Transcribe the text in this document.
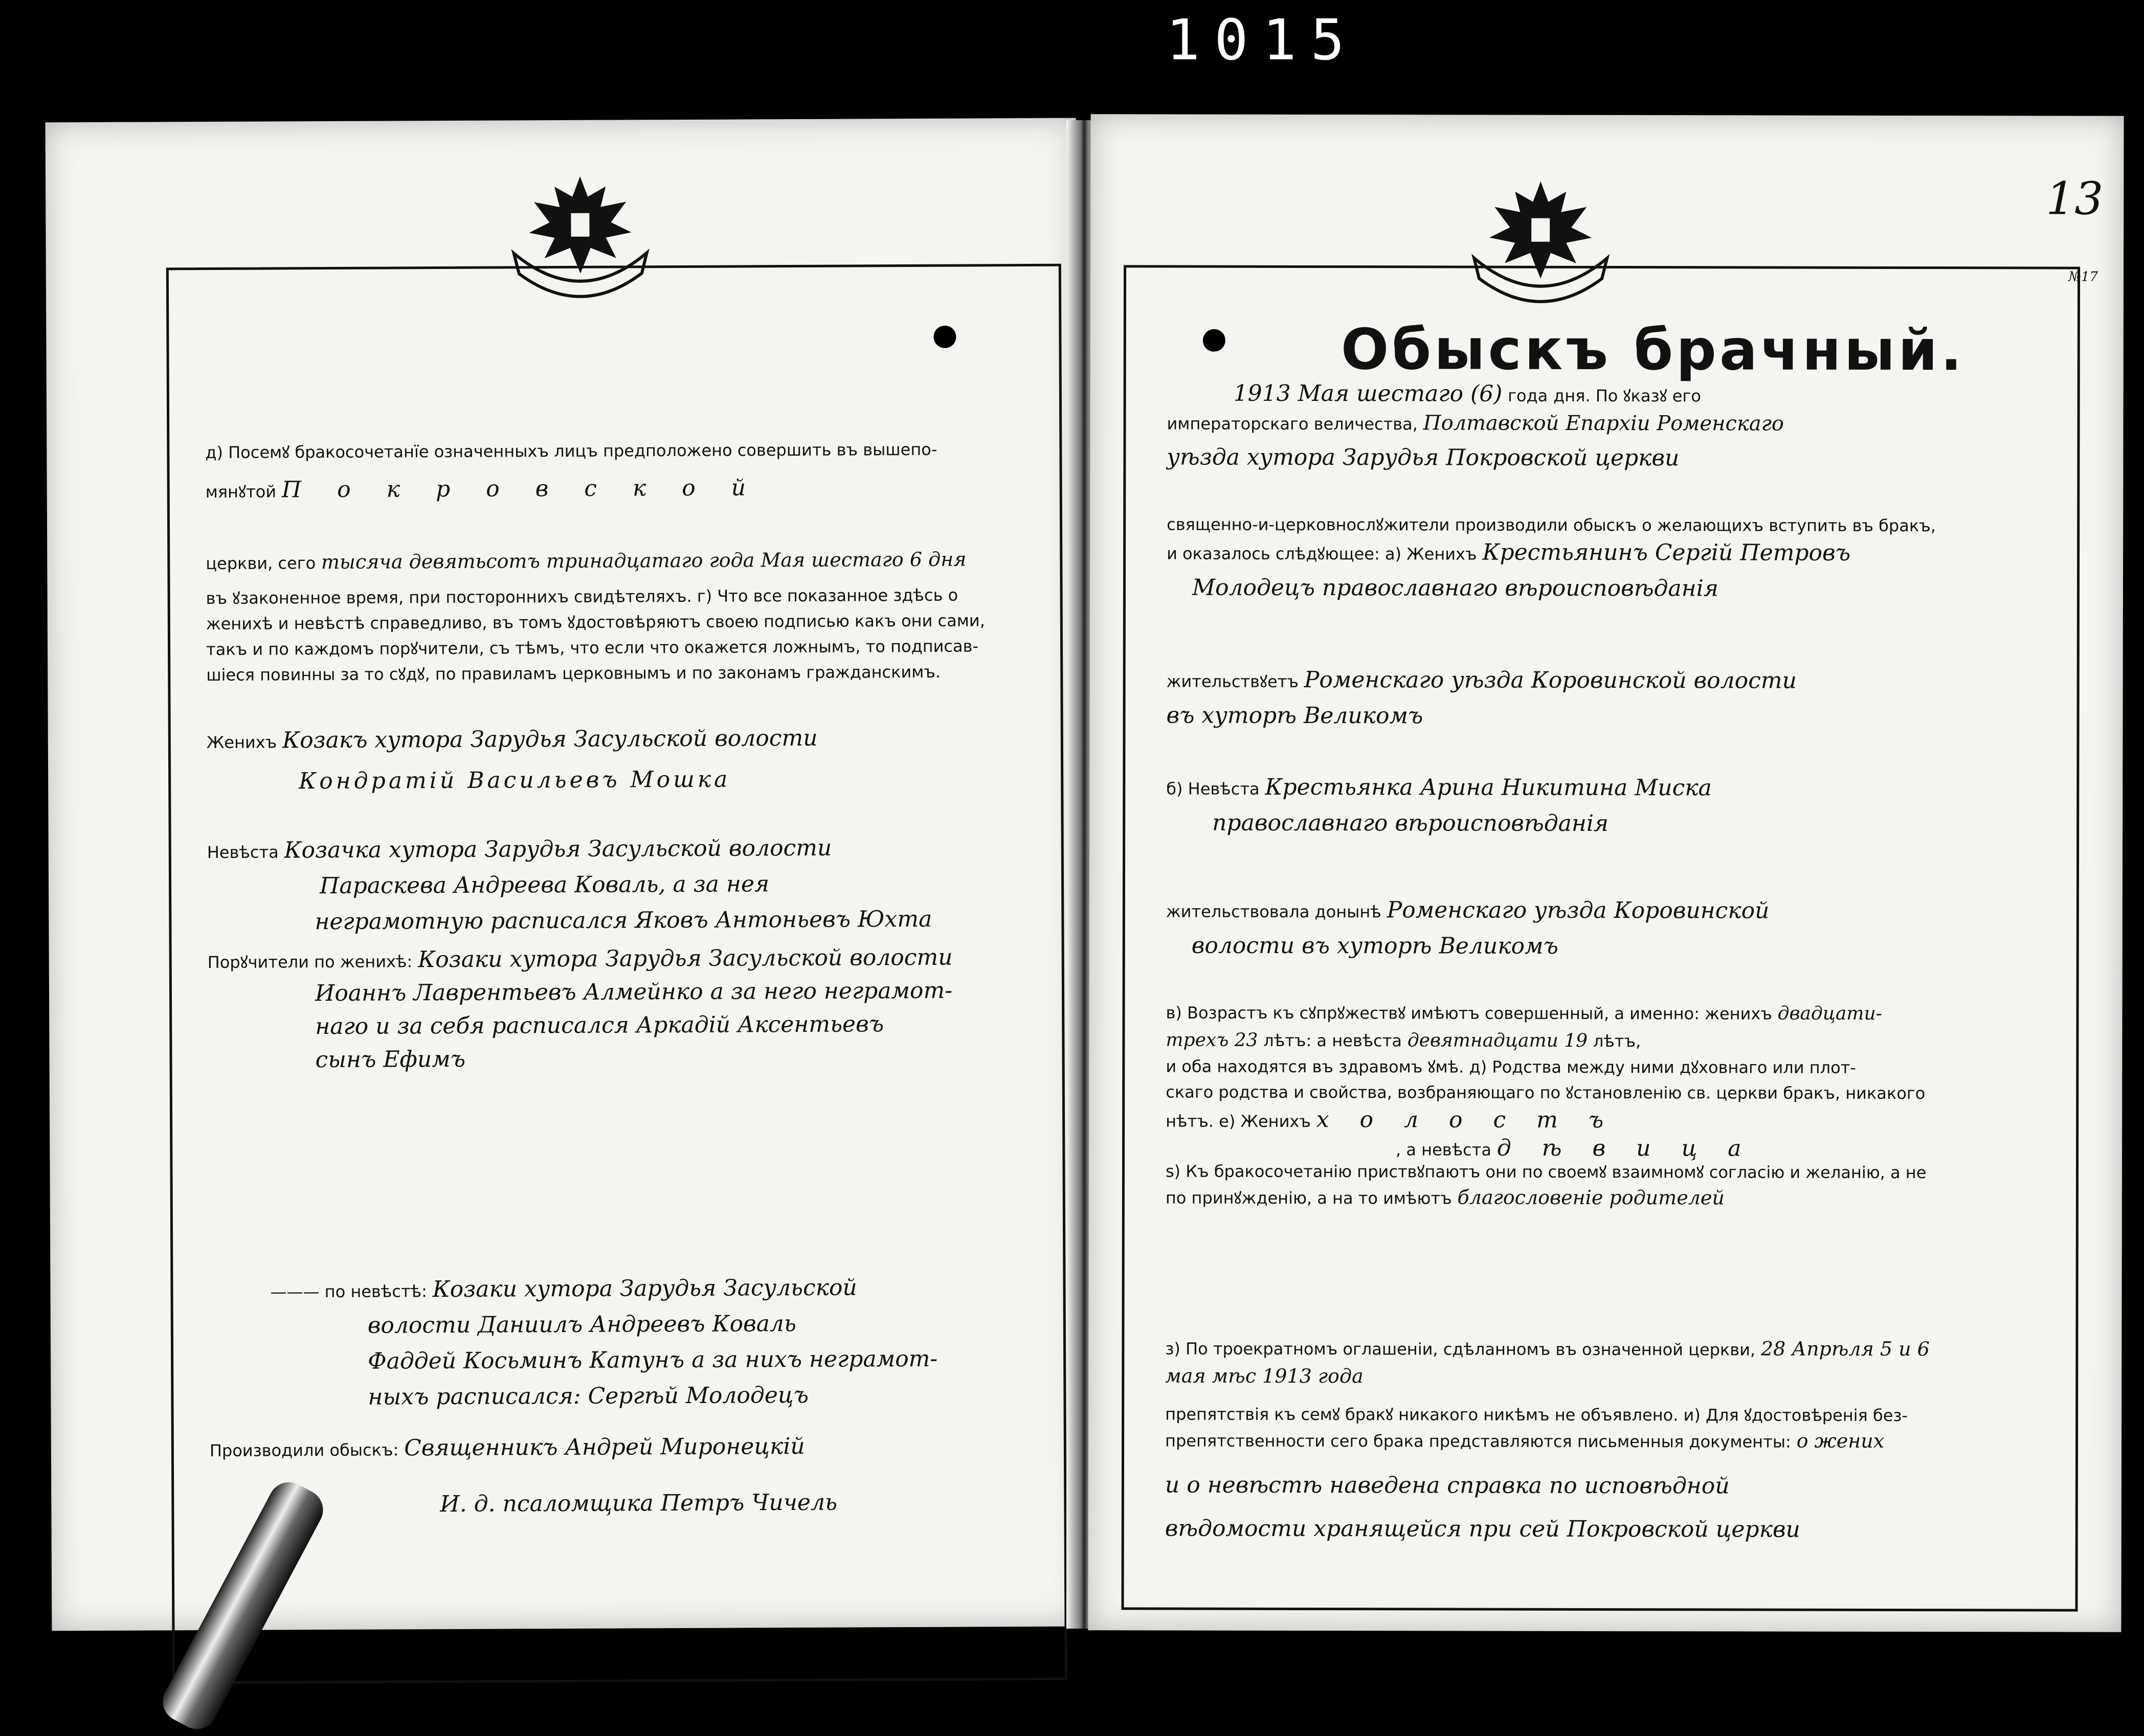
1015
д) Посемꙋ бракосочетанїе означенныхъ лицъ предположено совершить въ вышепо-
мянꙋтой Покровской
церкви, сего тысяча девятьсотъ тринадцатаго года Мая шестаго 6 дня
въ ꙋзаконенное время, при постороннихъ свидѣтеляхъ. г) Что все показанное здѣсь о
женихѣ и невѣстѣ справедливо, въ томъ ꙋдостовѣряютъ своею подписью какъ они сами,
такъ и по каждомъ порꙋчители, съ тѣмъ, что если что окажется ложнымъ, то подписав-
шiеся повинны за то сꙋдꙋ, по правиламъ церковнымъ и по законамъ гражданскимъ.
Женихъ Козакъ хутора Зарудья Засульской волости
Кондратій Васильевъ Мошка
Невѣста Козачка хутора Зарудья Засульской волости
Параскева Андреева Коваль, а за нея
неграмотную расписался Яковъ Антоньевъ Юхта
Порꙋчители по женихѣ: Козаки хутора Зарудья Засульской волости
Иоаннъ Лаврентьевъ Алмейнко а за него неграмот-
наго и за себя расписался Аркадій Аксентьевъ
сынъ Ефимъ
——— по невѣстѣ: Козаки хутора Зарудья Засульской
волости Даниилъ Андреевъ Коваль
Фаддей Косьминъ Катунъ а за нихъ неграмот-
ныхъ расписался: Сергѣй Молодецъ
Производили обыскъ: Священникъ Андрей Миронецкій
И. д. псаломщика Петръ Чичель
13
№17
Обыскъ брачный.
1913 Мая шестаго (6) года дня. По ꙋказꙋ его
императорскаго величества, Полтавской Епархіи Роменскаго
уѣзда хутора Зарудья Покровской церкви
священно-и-церковнослꙋжители производили обыскъ о желающихъ вступить въ бракъ,
и оказалось слѣдꙋющее: а) Женихъ Крестьянинъ Сергій Петровъ
Молодецъ православнаго вѣроисповѣданія
жительствꙋетъ Роменскаго уѣзда Коровинской волости
въ хуторѣ Великомъ
б) Невѣста Крестьянка Арина Никитина Миска
православнаго вѣроисповѣданія
жительствовала донынѣ Роменскаго уѣзда Коровинской
волости въ хуторѣ Великомъ
в) Возрастъ къ сꙋпрꙋжествꙋ имѣютъ совершенный, а именно: женихъ двадцати-
трехъ 23 лѣтъ: а невѣста девятнадцати 19 лѣтъ,
и оба находятся въ здравомъ ꙋмѣ. д) Родства между ними дꙋховнаго или плот-
скаго родства и свойства, возбраняющаго по ꙋстановленію св. церкви бракъ, никакого
нѣтъ. е) Женихъ холостъ
, а невѣста дѣвица
ѕ) Къ бракосочетанію приствꙋпаютъ они по своемꙋ взаимномꙋ согласію и желанію, а не
по принꙋжденію, а на то имѣютъ благословеніе родителей
з) По троекратномъ оглашеніи, сдѣланномъ въ означенной церкви, 28 Апрѣля 5 и 6
мая мѣс 1913 года
препятствія къ семꙋ бракꙋ никакого никѣмъ не объявлено. и) Для ꙋдостовѣренія без-
препятственности сего брака представляются письменныя документы: о жених
и о невѣстѣ наведена справка по исповѣдной
вѣдомости хранящейся при сей Покровской церкви
